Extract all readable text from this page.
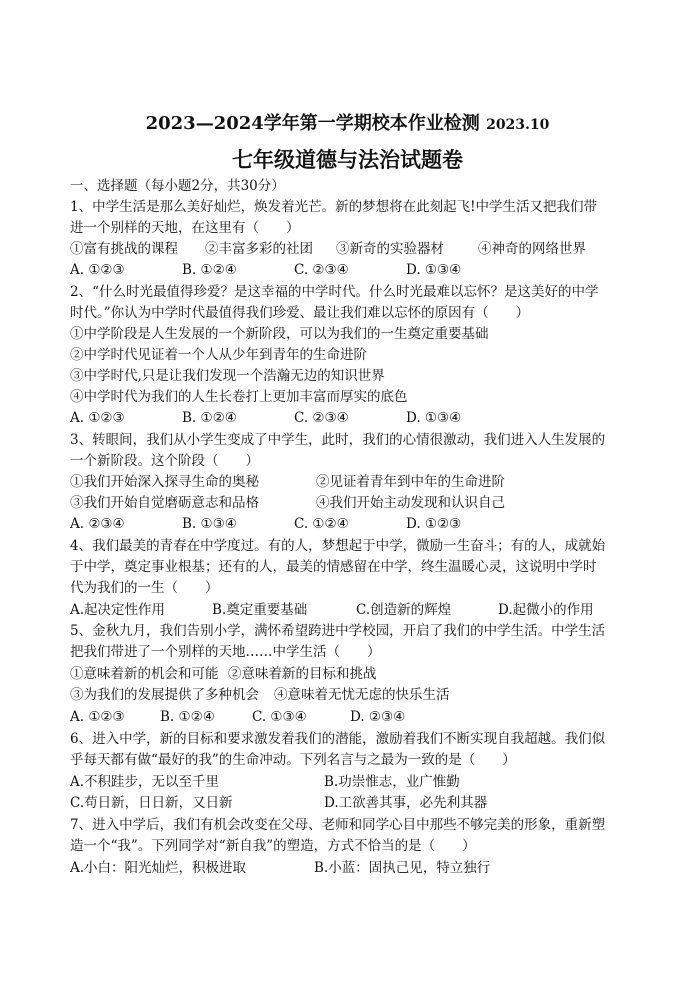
2023—2024学年第一学期校本作业检测 2023.10
七年级道德与法治试题卷
一、选择题（每小题2分，共30分）
1、中学生活是那么美好灿烂，焕发着光芒。新的梦想将在此刻起飞!中学生活又把我们带
进一个别样的天地，在这里有（　　）
①富有挑战的课程 ②丰富多彩的社团 ③新奇的实验器材	④神奇的网络世界
A. ①②③	B. ①②④	C. ②③④	D. ①③④
2、“什么时光最值得珍爱？是这幸福的中学时代。什么时光最难以忘怀？是这美好的中学
时代。”你认为中学时代最值得我们珍爱、最让我们难以忘怀的原因有（　　）
①中学阶段是人生发展的一个新阶段，可以为我们的一生奠定重要基础
②中学时代见证着一个人从少年到青年的生命进阶
③中学时代,只是让我们发现一个浩瀚无边的知识世界
④中学时代为我们的人生长卷打上更加丰富而厚实的底色
A. ①②③	B. ①②④	C. ②③④	D. ①③④
3、转眼间，我们从小学生变成了中学生，此时，我们的心情很激动，我们进入人生发展的
一个新阶段。这个阶段（　　）
①我们开始深入探寻生命的奥秘	②见证着青年到中年的生命进阶
③我们开始自觉磨砺意志和品格	④我们开始主动发现和认识自己
A. ②③④	B. ①③④	C. ①②④	D. ①②③
4、我们最美的青春在中学度过。有的人，梦想起于中学，微励一生奋斗；有的人，成就始
于中学，奠定事业根基；还有的人，最美的情感留在中学，终生温暖心灵，这说明中学时
代为我们的一生（　　）
A.起决定性作用	B.奠定重要基础	C.创造新的辉煌	D.起微小的作用
5、金秋九月，我们告别小学，满怀希望跨进中学校园，开启了我们的中学生活。中学生活
把我们带进了一个别样的天地……中学生活（　　）
①意味着新的机会和可能 ②意味着新的目标和挑战
③为我们的发展提供了多种机会 ④意味着无忧无虑的快乐生活
A. ①②③	B. ①②④	C. ①③④	D. ②③④
6、进入中学，新的目标和要求激发着我们的潜能，激励着我们不断实现自我超越。我们似
乎每天都有做“最好的我”的生命冲动。下列名言与之最为一致的是（　　）
A.不积跬步，无以至千里	B.功崇惟志，业广惟勤
C.苟日新，日日新，又日新	D.工欲善其事，必先利其器
7、进入中学后，我们有机会改变在父母、老师和同学心目中那些不够完美的形象，重新塑
造一个“我”。下列同学对“新自我”的塑造，方式不恰当的是（　　）
A.小白：阳光灿烂，积极进取	B.小蓝：固执己见，特立独行
